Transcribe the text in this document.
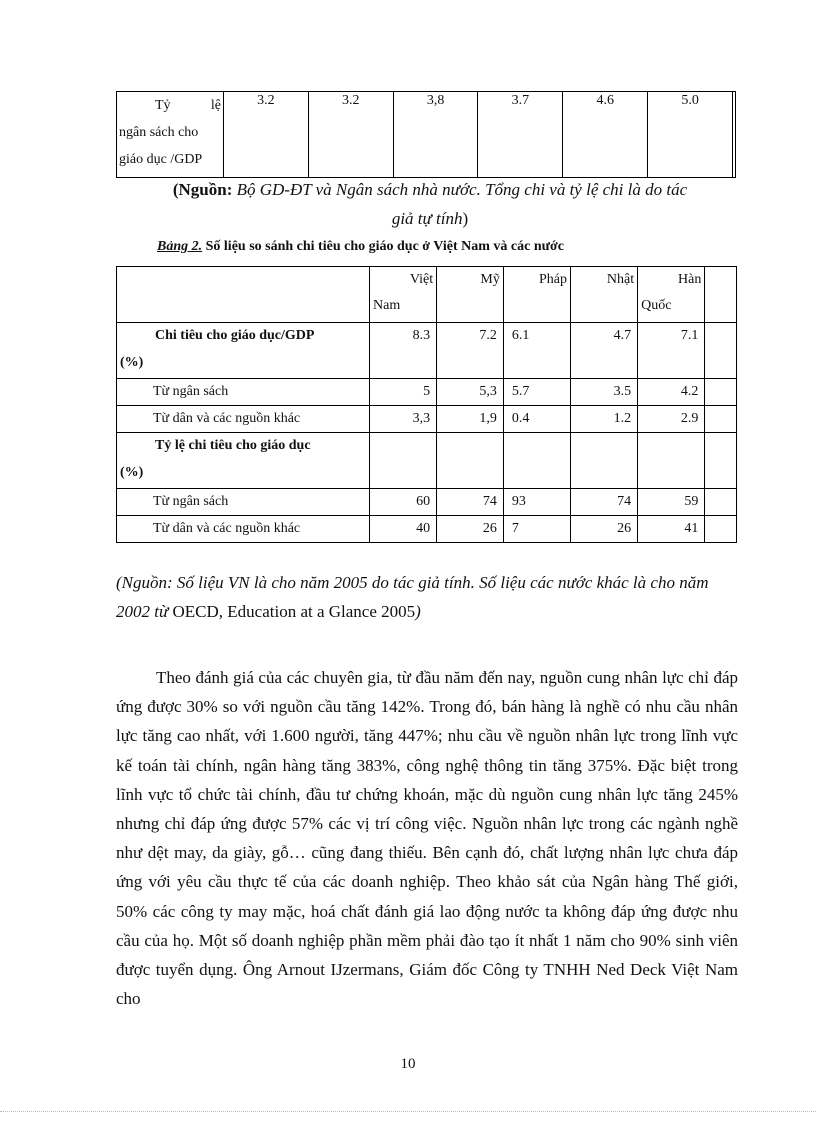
Tỷ	lệ
ngân sách cho
giáo dục /GDP
	3.2	3.2	3,8	3.7	4.6	5.0	
(Nguồn: Bộ GD-ĐT và Ngân sách nhà nước. Tổng chi và tỷ lệ chi là do tác
giả tự tính)
Bảng 2. Số liệu so sánh chi tiêu cho giáo dục ở Việt Nam và các nước

	Việt
Nam	Mỹ	Pháp	Nhật	Hàn
Quốc	

Chi tiêu cho giáo dục/GDP
(%)	8.3	7.2	6.1	4.7	7.1	
Từ ngân sách	5	5,3	5.7	3.5	4.2	
Từ dân và các nguồn khác	3,3	1,9	0.4	1.2	2.9	

Tỷ lệ chi tiêu cho giáo dục
(%)						

Từ ngân sách	60	74	93	74	59	
Từ dân và các nguồn khác	40	26	7	26	41	
(Nguồn: Số liệu VN là cho năm 2005 do tác giả tính. Số liệu các nước khác là cho năm 2002 từ OECD, Education at a Glance 2005)

Theo đánh giá của các chuyên gia, từ đầu năm đến nay, nguồn cung nhân lực chỉ đáp ứng được 30% so với nguồn cầu tăng 142%. Trong đó, bán hàng là nghề có nhu cầu nhân lực tăng cao nhất, với 1.600 người, tăng 447%; nhu cầu về nguồn nhân lực trong lĩnh vực kế toán tài chính, ngân hàng tăng 383%, công nghệ thông tin tăng 375%. Đặc biệt trong lĩnh vực tổ chức tài chính, đầu tư chứng khoán, mặc dù nguồn cung nhân lực tăng 245% nhưng chỉ đáp ứng được 57% các vị trí công việc. Nguồn nhân lực trong các ngành nghề như dệt may, da giày, gỗ… cũng đang thiếu. Bên cạnh đó, chất lượng nhân lực chưa đáp ứng với yêu cầu thực tế của các doanh nghiệp. Theo khảo sát của Ngân hàng Thế giới, 50% các công ty may mặc, hoá chất đánh giá lao động nước ta không đáp ứng được nhu cầu của họ. Một số doanh nghiệp phần mềm phải đào tạo ít nhất 1 năm cho 90% sinh viên được tuyển dụng. Ông Arnout IJzermans, Giám đốc Công ty TNHH Ned Deck Việt Nam cho

10
